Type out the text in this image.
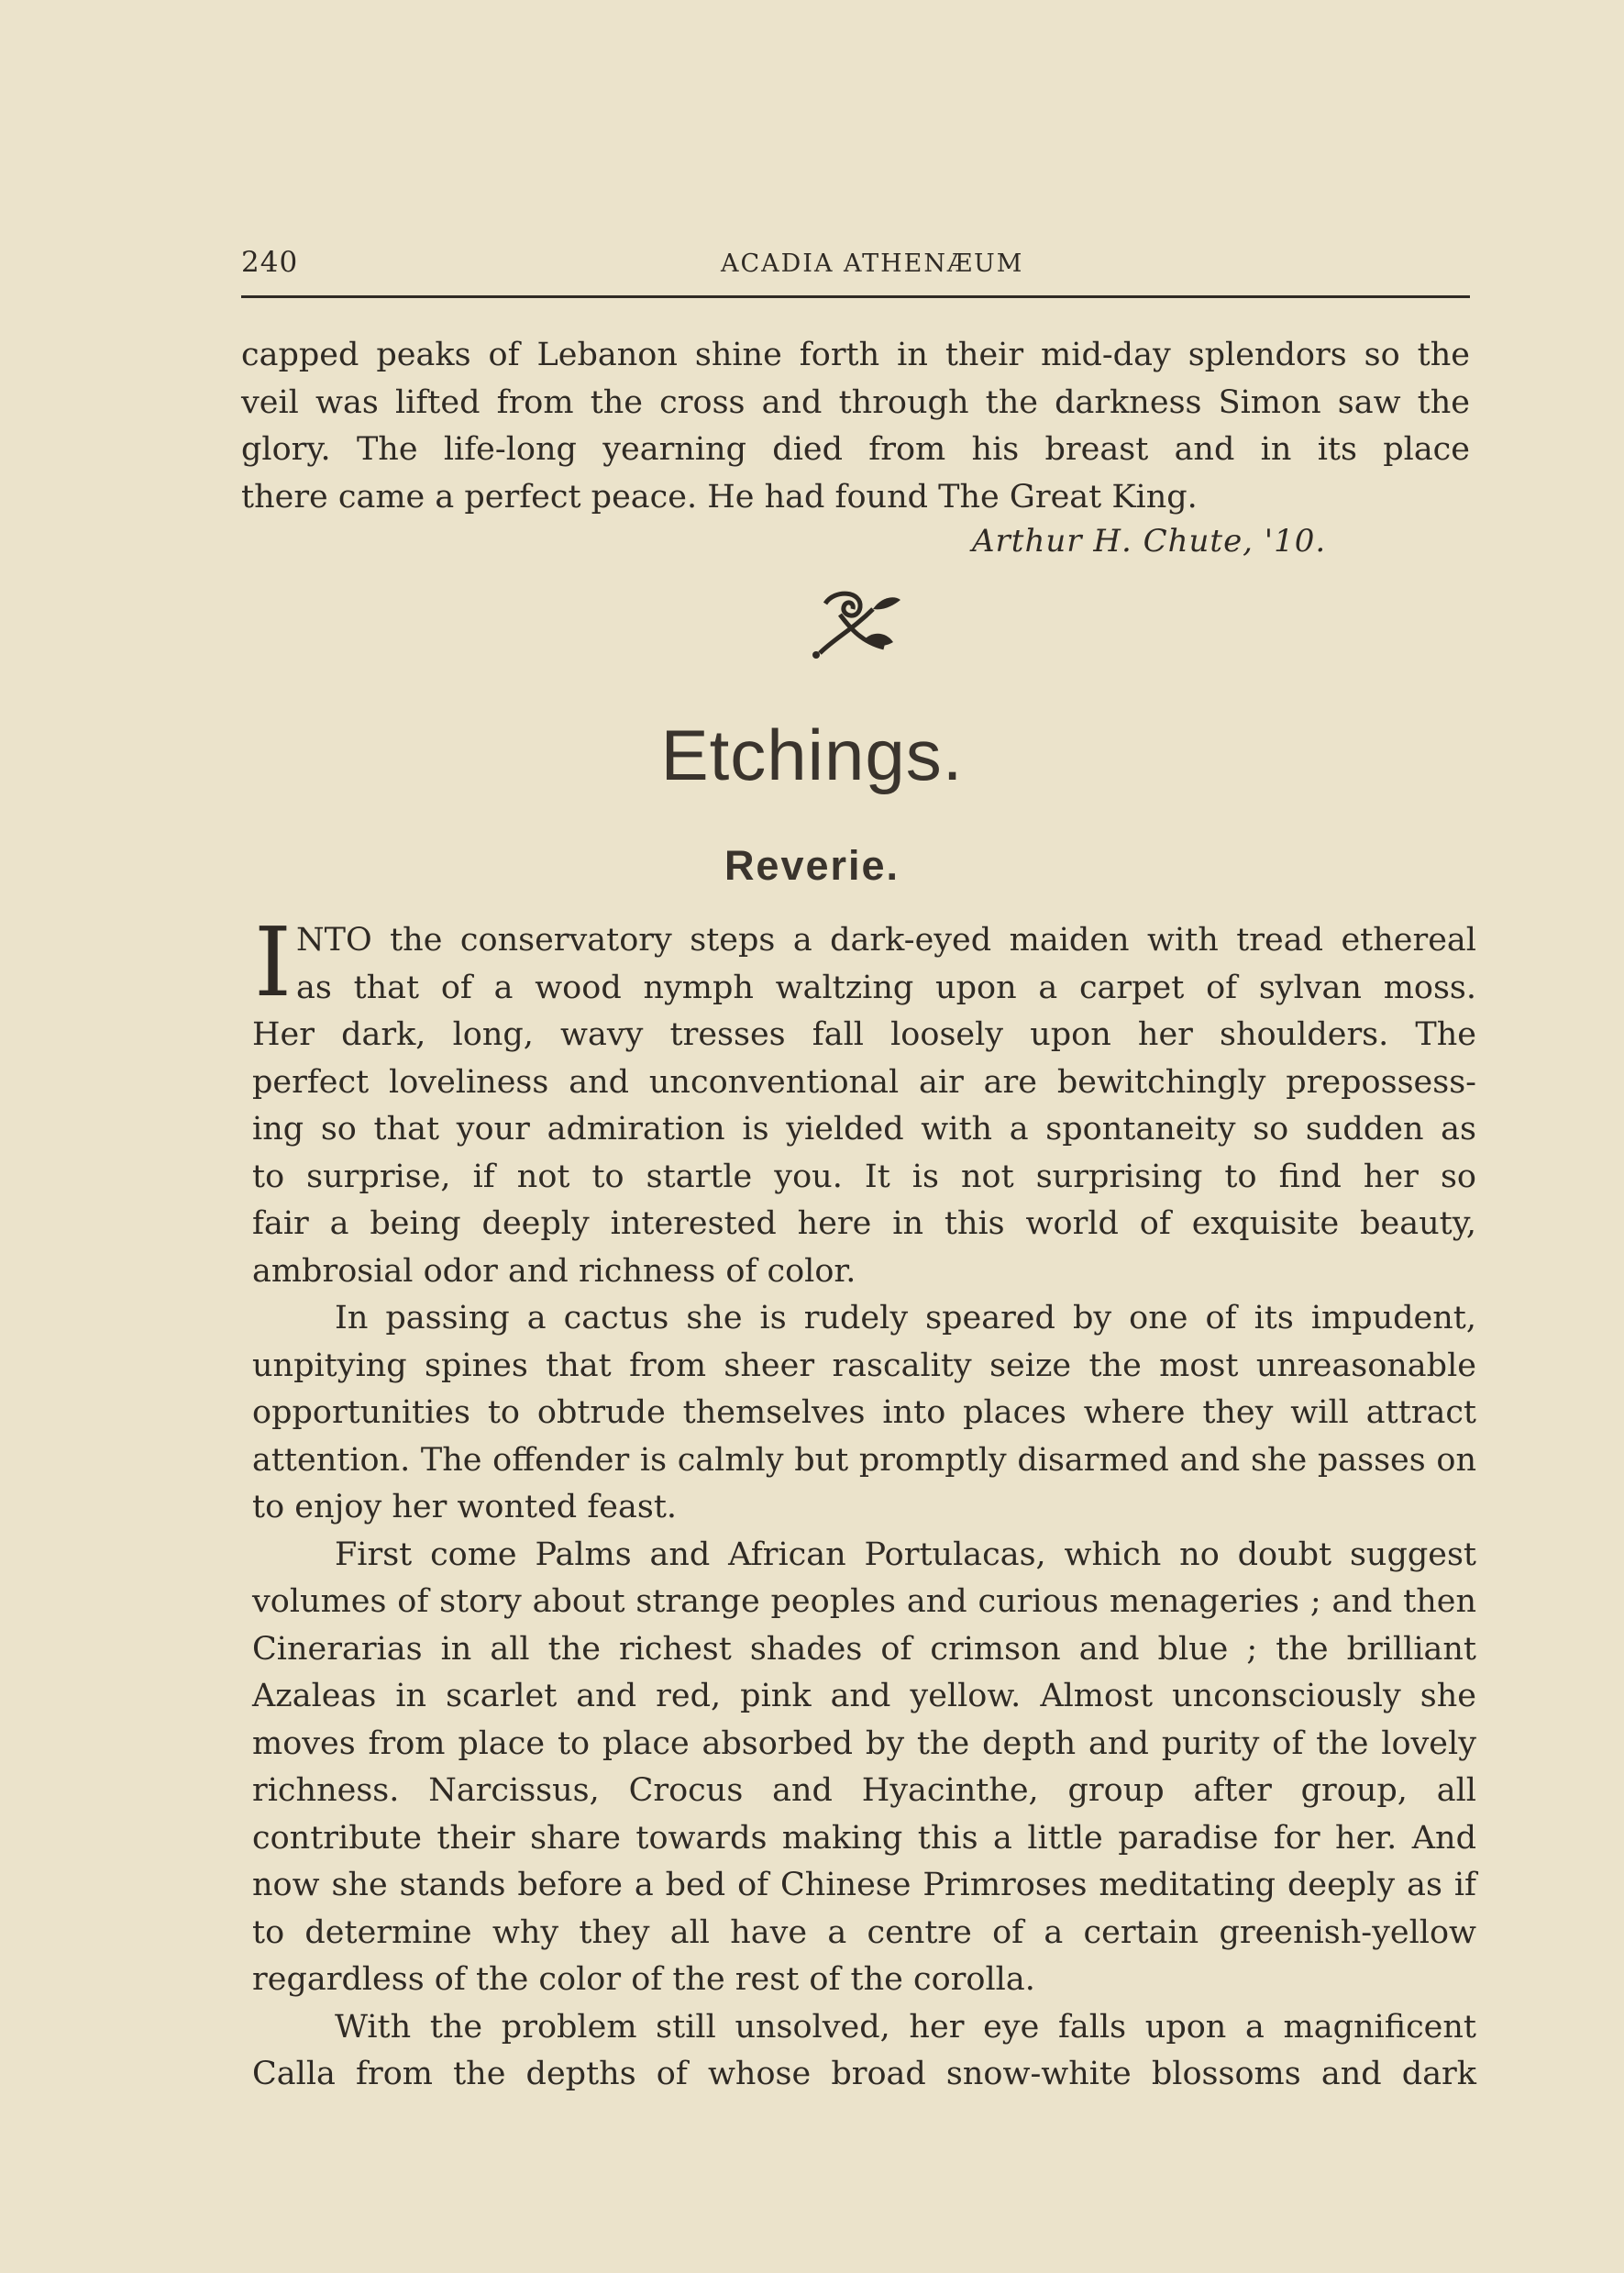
240	ACADIA ATHENÆUM
capped peaks of Lebanon shine forth in their mid-day splendors so the
veil was lifted from the cross and through the darkness Simon saw the
glory. The life-long yearning died from his breast and in its place
there came a perfect peace. He had found The Great King.
Arthur H. Chute, '10.
Etchings.
Reverie.
I NTO the conservatory steps a dark-eyed maiden with tread ethereal
as that of a wood nymph waltzing upon a carpet of sylvan moss.
Her dark, long, wavy tresses fall loosely upon her shoulders. The
perfect loveliness and unconventional air are bewitchingly prepossess-
ing so that your admiration is yielded with a spontaneity so sudden as
to surprise, if not to startle you. It is not surprising to find her so
fair a being deeply interested here in this world of exquisite beauty,
ambrosial odor and richness of color.

In passing a cactus she is rudely speared by one of its impudent, unpitying spines that from sheer rascality seize the most unreasonable opportunities to obtrude themselves into places where they will attract attention. The offender is calmly but promptly disarmed and she passes on to enjoy her wonted feast.

First come Palms and African Portulacas, which no doubt suggest volumes of story about strange peoples and curious menageries ; and then Cinerarias in all the richest shades of crimson and blue ; the brilliant Azaleas in scarlet and red, pink and yellow. Almost unconsciously she moves from place to place absorbed by the depth and purity of the lovely richness. Narcissus, Crocus and Hyacinthe, group after group, all contribute their share towards making this a little paradise for her. And now she stands before a bed of Chinese Primroses meditating deeply as if to determine why they all have a centre of a certain greenish-yellow regardless of the color of the rest of the corolla.

With the problem still unsolved, her eye falls upon a magnificent Calla from the depths of whose broad snow-white blossoms and dark
